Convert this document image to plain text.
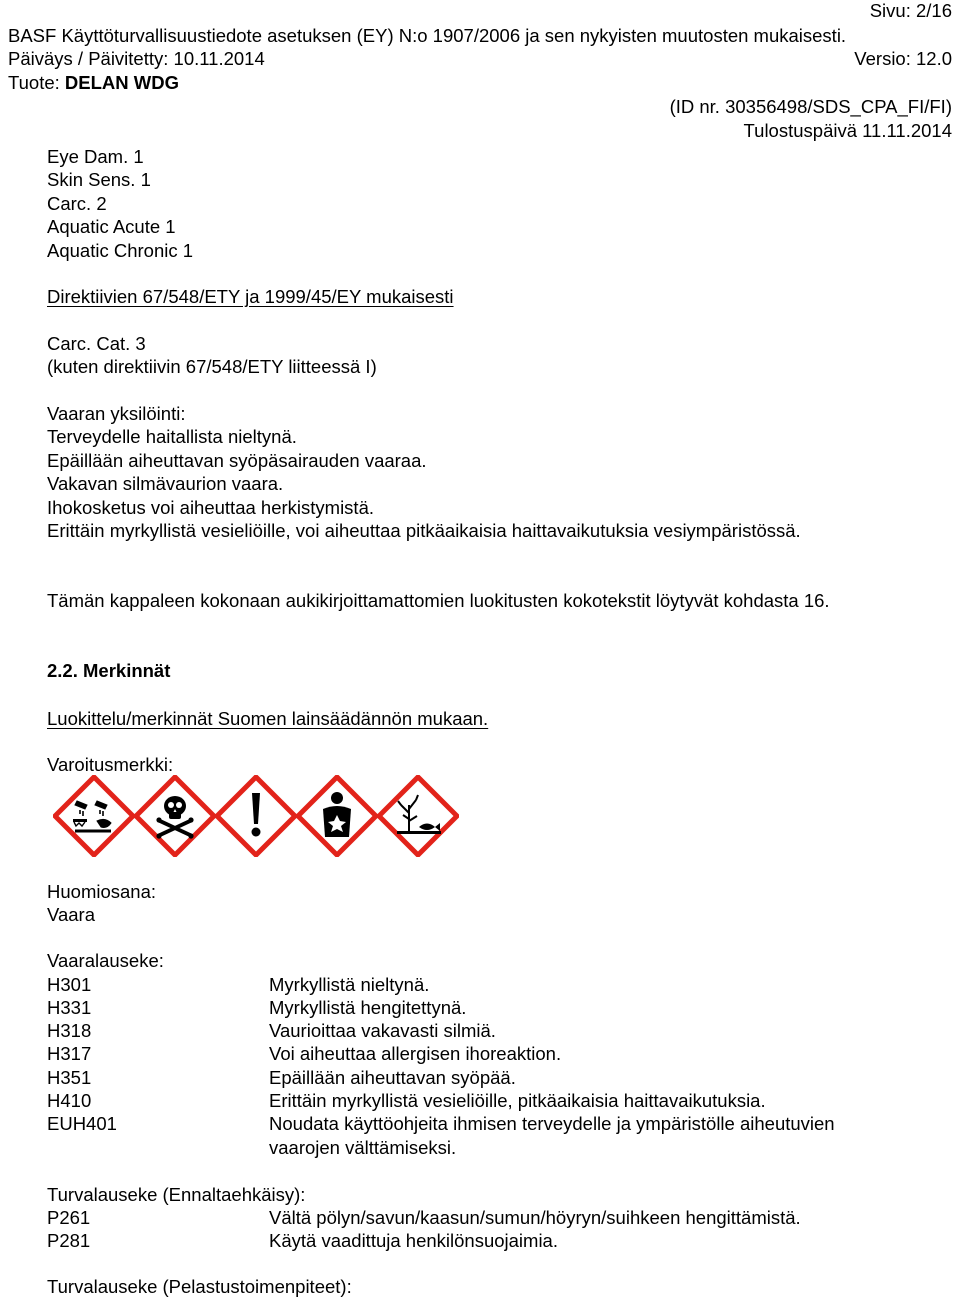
Sivu: 2/16
BASF Käyttöturvallisuustiedote asetuksen (EY) N:o 1907/2006 ja sen nykyisten muutosten mukaisesti.
Päiväys / Päivitetty: 10.11.2014	Versio: 12.0
Tuote: DELAN WDG
(ID nr. 30356498/SDS_CPA_FI/FI)
Tulostuspäivä 11.11.2014
Eye Dam. 1
Skin Sens. 1
Carc. 2
Aquatic Acute 1
Aquatic Chronic 1
Direktiivien 67/548/ETY ja 1999/45/EY mukaisesti
Carc. Cat. 3
(kuten direktiivin 67/548/ETY liitteessä I)
Vaaran yksilöinti:
Terveydelle haitallista nieltynä.
Epäillään aiheuttavan syöpäsairauden vaaraa.
Vakavan silmävaurion vaara.
Ihokosketus voi aiheuttaa herkistymistä.
Erittäin myrkyllistä vesieliöille, voi aiheuttaa pitkäaikaisia haittavaikutuksia vesiympäristössä.
Tämän kappaleen kokonaan aukikirjoittamattomien luokitusten kokotekstit löytyvät kohdasta 16.
2.2. Merkinnät
Luokittelu/merkinnät Suomen lainsäädännön mukaan.
Varoitusmerkki:
Huomiosana:
Vaara
Vaaralauseke:
H301	Myrkyllistä nieltynä.
H331	Myrkyllistä hengitettynä.
H318	Vaurioittaa vakavasti silmiä.
H317	Voi aiheuttaa allergisen ihoreaktion.
H351	Epäillään aiheuttavan syöpää.
H410	Erittäin myrkyllistä vesieliöille, pitkäaikaisia haittavaikutuksia.
EUH401	Noudata käyttöohjeita ihmisen terveydelle ja ympäristölle aiheutuvien
vaarojen välttämiseksi.
Turvalauseke (Ennaltaehkäisy):
P261	Vältä pölyn/savun/kaasun/sumun/höyryn/suihkeen hengittämistä.
P281	Käytä vaadittuja henkilönsuojaimia.
Turvalauseke (Pelastustoimenpiteet):
